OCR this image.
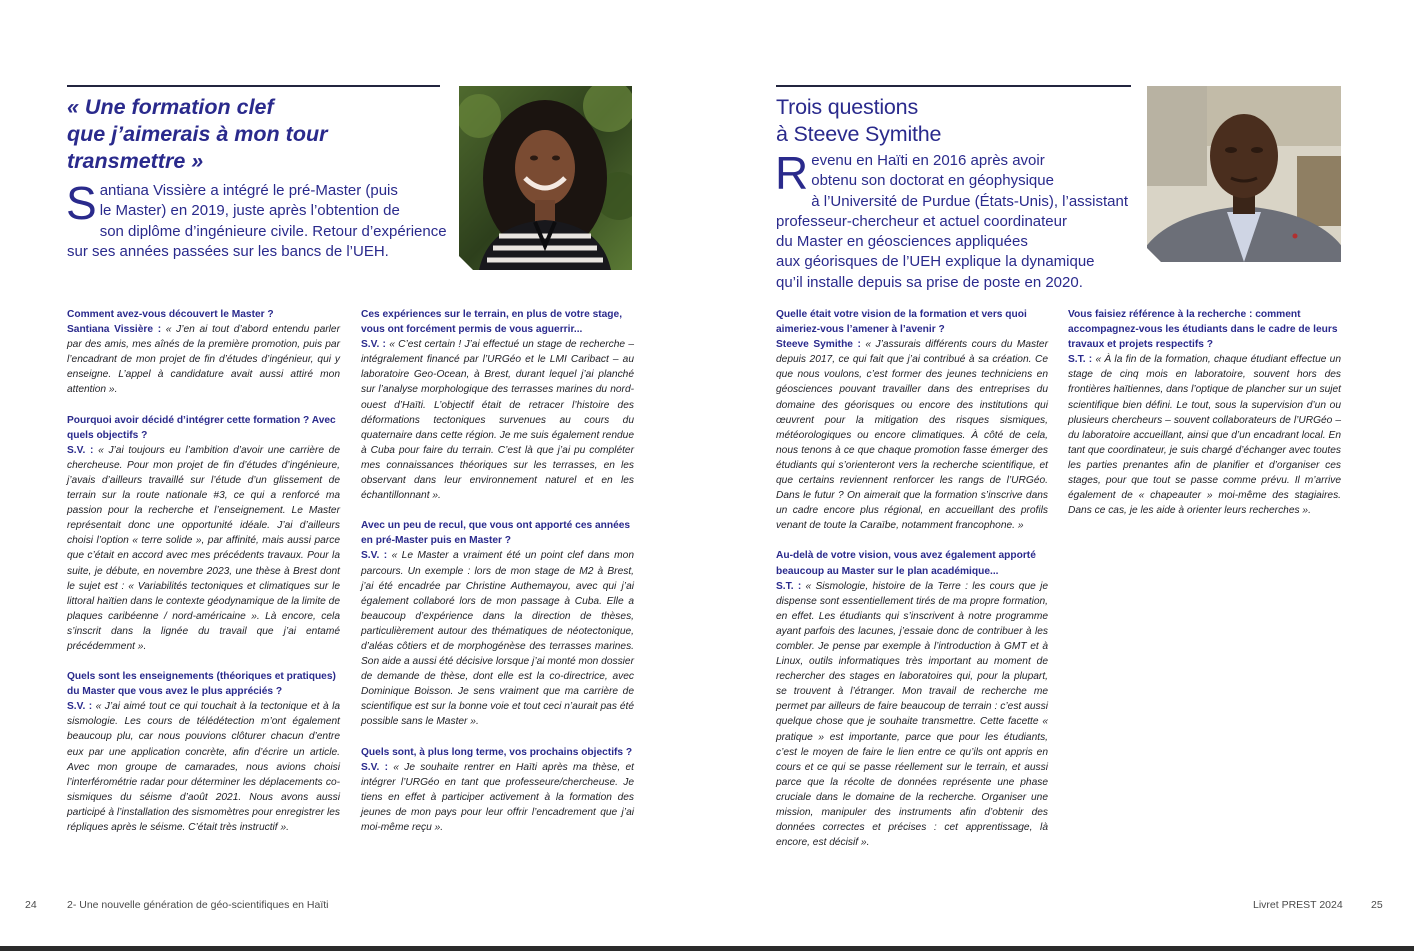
« Une formation clef
que j’aimerais à mon tour
transmettre »
S antiana Vissière a intégré le pré-Master (puis
le Master) en 2019, juste après l’obtention de
son diplôme d’ingénieure civile. Retour d’expérience
sur ses années passées sur les bancs de l’UEH.

Comment avez-vous découvert le Master ?

Santiana Vissière : « J’en ai tout d’abord entendu parler par des amis, mes aînés de la première promotion, puis par l’encadrant de mon projet de fin d’études d’ingénieur, qui y enseigne. L’appel à candidature avait aussi attiré mon attention ».

Pourquoi avoir décidé d’intégrer cette formation ? Avec quels objectifs ?

S.V. : « J’ai toujours eu l’ambition d’avoir une carrière de chercheuse. Pour mon projet de fin d’études d’ingénieure, j’avais d’ailleurs travaillé sur l’étude d’un glissement de terrain sur la route nationale #3, ce qui a renforcé ma passion pour la recherche et l’enseignement. Le Master représentait donc une opportunité idéale. J’ai d’ailleurs choisi l’option « terre solide », par affinité, mais aussi parce que c’était en accord avec mes précédents travaux. Pour la suite, je débute, en novembre 2023, une thèse à Brest dont le sujet est : « Variabilités tectoniques et climatiques sur le littoral haïtien dans le contexte géodynamique de la limite de plaques caribéenne / nord-américaine ». Là encore, cela s’inscrit dans la lignée du travail que j’ai entamé précédemment ».

Quels sont les enseignements (théoriques et pratiques) du Master que vous avez le plus appréciés ?

S.V. : « J’ai aimé tout ce qui touchait à la tectonique et à la sismologie. Les cours de télédétection m’ont également beaucoup plu, car nous pouvions clôturer chacun d’entre eux par une application concrète, afin d’écrire un article. Avec mon groupe de camarades, nous avions choisi l’interférométrie radar pour déterminer les déplacements co-sismiques du séisme d’août 2021. Nous avons aussi participé à l’installation des sismomètres pour enregistrer les répliques après le séisme. C’était très instructif ».

Ces expériences sur le terrain, en plus de votre stage, vous ont forcément permis de vous aguerrir...

S.V. : « C’est certain ! J’ai effectué un stage de recherche – intégralement financé par l’URGéo et le LMI Caribact – au laboratoire Geo-Ocean, à Brest, durant lequel j’ai planché sur l’analyse morphologique des terrasses marines du nord-ouest d’Haïti. L’objectif était de retracer l’histoire des déformations tectoniques survenues au cours du quaternaire dans cette région. Je me suis également rendue à Cuba pour faire du terrain. C’est là que j’ai pu compléter mes connaissances théoriques sur les terrasses, en les observant dans leur environnement naturel et en les échantillonnant ».

Avec un peu de recul, que vous ont apporté ces années en pré-Master puis en Master ?

S.V. : « Le Master a vraiment été un point clef dans mon parcours. Un exemple : lors de mon stage de M2 à Brest, j’ai été encadrée par Christine Authemayou, avec qui j’ai également collaboré lors de mon passage à Cuba. Elle a beaucoup d’expérience dans la direction de thèses, particulièrement autour des thématiques de néotectonique, d’aléas côtiers et de morphogénèse des terrasses marines. Son aide a aussi été décisive lorsque j’ai monté mon dossier de demande de thèse, dont elle est la co-directrice, avec Dominique Boisson. Je sens vraiment que ma carrière de scientifique est sur la bonne voie et tout ceci n’aurait pas été possible sans le Master ».

Quels sont, à plus long terme, vos prochains objectifs ?

S.V. : « Je souhaite rentrer en Haïti après ma thèse, et intégrer l’URGéo en tant que professeure/chercheuse. Je tiens en effet à participer activement à la formation des jeunes de mon pays pour leur offrir l’encadrement que j’ai moi-même reçu ».

24	2- Une nouvelle génération de géo-scientifiques en Haïti
Trois questions
à Steeve Symithe
R evenu en Haïti en 2016 après avoir
obtenu son doctorat en géophysique
à l’Université de Purdue (États-Unis), l’assistant
professeur-chercheur et actuel coordinateur
du Master en géosciences appliquées
aux géorisques de l’UEH explique la dynamique
qu’il installe depuis sa prise de poste en 2020.

Quelle était votre vision de la formation et vers quoi aimeriez-vous l’amener à l’avenir ?

Steeve Symithe : « J’assurais différents cours du Master depuis 2017, ce qui fait que j’ai contribué à sa création. Ce que nous voulons, c’est former des jeunes techniciens en géosciences pouvant travailler dans des entreprises du domaine des géorisques ou encore des institutions qui œuvrent pour la mitigation des risques sismiques, météorologiques ou encore climatiques. À côté de cela, nous tenons à ce que chaque promotion fasse émerger des étudiants qui s’orienteront vers la recherche scientifique, et que certains reviennent renforcer les rangs de l’URGéo. Dans le futur ? On aimerait que la formation s’inscrive dans un cadre encore plus régional, en accueillant des profils venant de toute la Caraïbe, notamment francophone. »

Au-delà de votre vision, vous avez également apporté beaucoup au Master sur le plan académique...

S.T. : « Sismologie, histoire de la Terre : les cours que je dispense sont essentiellement tirés de ma propre formation, en effet. Les étudiants qui s’inscrivent à notre programme ayant parfois des lacunes, j’essaie donc de contribuer à les combler. Je pense par exemple à l’introduction à GMT et à Linux, outils informatiques très important au moment de rechercher des stages en laboratoires qui, pour la plupart, se trouvent à l’étranger. Mon travail de recherche me permet par ailleurs de faire beaucoup de terrain : c’est aussi quelque chose que je souhaite transmettre. Cette facette « pratique » est importante, parce que pour les étudiants, c’est le moyen de faire le lien entre ce qu’ils ont appris en cours et ce qui se passe réellement sur le terrain, et aussi parce que la récolte de données représente une phase cruciale dans le domaine de la recherche. Organiser une mission, manipuler des instruments afin d’obtenir des données correctes et précises : cet apprentissage, là encore, est décisif ».

Vous faisiez référence à la recherche : comment accompagnez-vous les étudiants dans le cadre de leurs travaux et projets respectifs ?

S.T. : « À la fin de la formation, chaque étudiant effectue un stage de cinq mois en laboratoire, souvent hors des frontières haïtiennes, dans l’optique de plancher sur un sujet scientifique bien défini. Le tout, sous la supervision d’un ou plusieurs chercheurs – souvent collaborateurs de l’URGéo – du laboratoire accueillant, ainsi que d’un encadrant local. En tant que coordinateur, je suis chargé d’échanger avec toutes les parties prenantes afin de planifier et d’organiser ces stages, pour que tout se passe comme prévu. Il m’arrive également de « chapeauter » moi-même des stagiaires. Dans ce cas, je les aide à orienter leurs recherches ».

Livret PREST 2024	25
